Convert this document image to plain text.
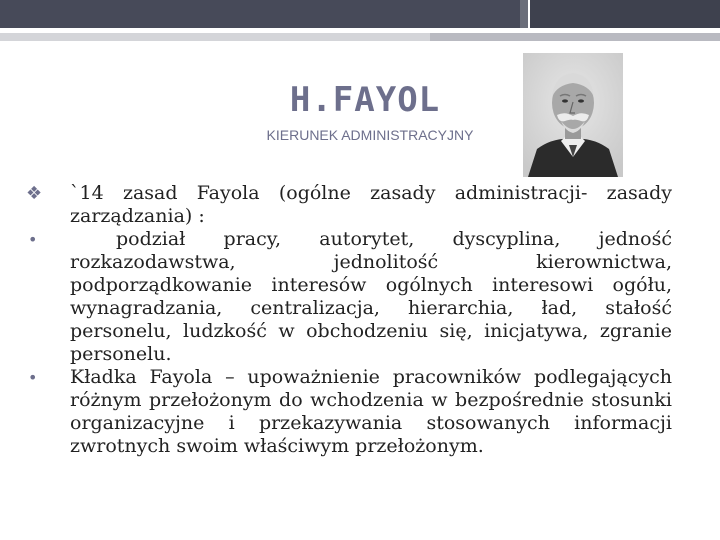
H.FAYOL
KIERUNEK ADMINISTRACYJNY
❖ `14 zasad Fayola (ogólne zasady administracji- zasady zarządzania) :
•	podział pracy, autorytet, dyscyplina, jedność rozkazodawstwa, jednolitość kierownictwa, podporządkowanie interesów ogólnych interesowi ogółu, wynagradzania, centralizacja, hierarchia, ład, stałość personelu, ludzkość w obchodzeniu się, inicjatywa, zgranie personelu.
• Kładka Fayola – upoważnienie pracowników podlegających różnym przełożonym do wchodzenia w bezpośrednie stosunki organizacyjne i przekazywania stosowanych informacji zwrotnych swoim właściwym przełożonym.
